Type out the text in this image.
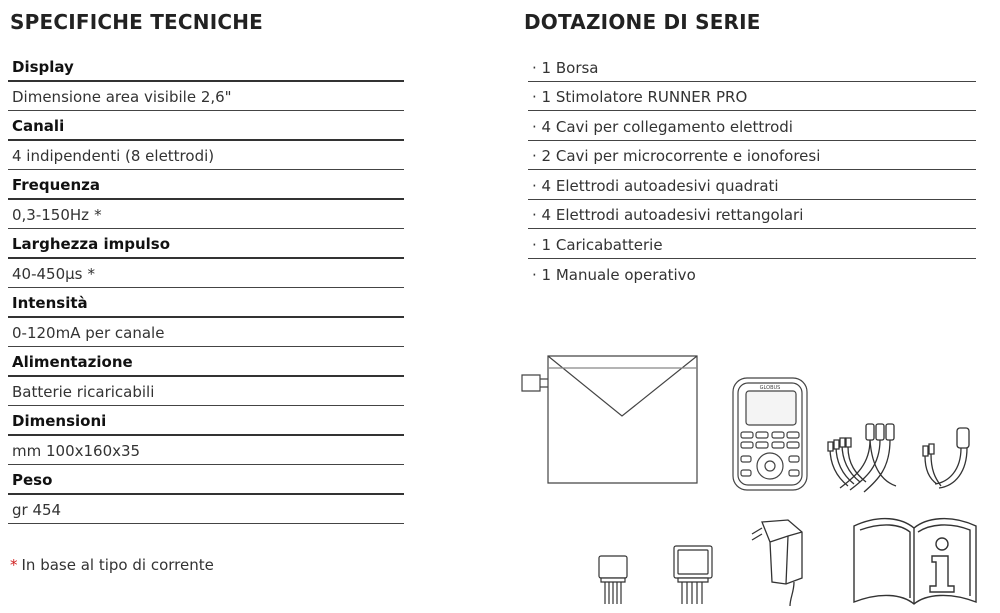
SPECIFICHE TECNICHE	DOTAZIONE DI SERIE
Display
Dimensione area visibile 2,6"
Canali
4 indipendenti (8 elettrodi)
Frequenza
0,3-150Hz *
Larghezza impulso
40-450µs *
Intensità
0-120mA per canale
Alimentazione
Batterie ricaricabili
Dimensioni
mm 100x160x35
Peso
gr 454
* In base al tipo di corrente
· 1 Borsa
· 1 Stimolatore RUNNER PRO
· 4 Cavi per collegamento elettrodi
· 2 Cavi per microcorrente e ionoforesi
· 4 Elettrodi autoadesivi quadrati
· 4 Elettrodi autoadesivi rettangolari
· 1 Caricabatterie
· 1 Manuale operativo
GLOBUS
i
